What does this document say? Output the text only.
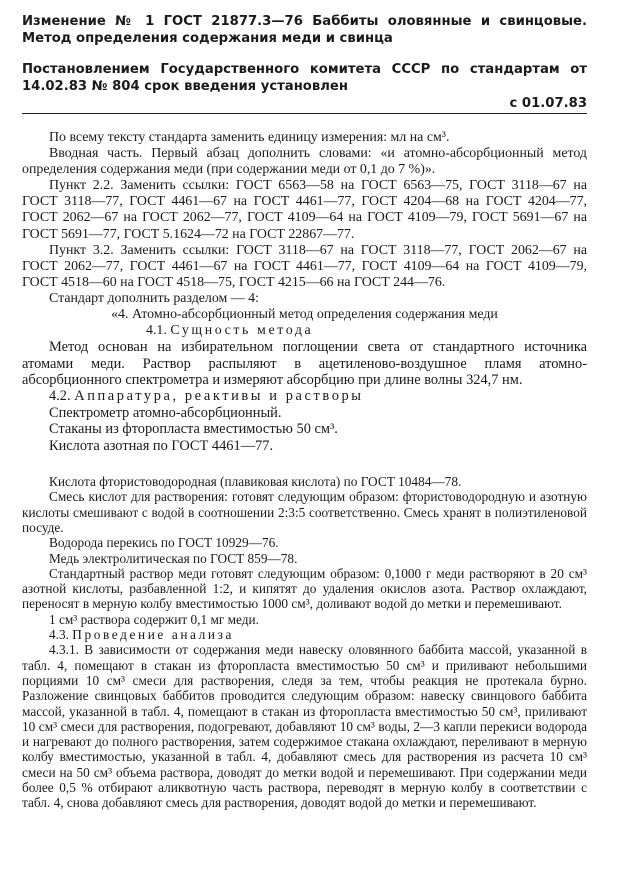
Изменение № 1 ГОСТ 21877.3—76 Баббиты оловянные и свинцовые. Метод определения содержания меди и свинца

Постановлением Государственного комитета СССР по стандартам от 14.02.83 № 804 срок введения установлен

с 01.07.83

По всему тексту стандарта заменить единицу измерения: мл на см³.

Вводная часть. Первый абзац дополнить словами: «и атомно-абсорбционный метод определения содержания меди (при содержании меди от 0,1 до 7 %)».

Пункт 2.2. Заменить ссылки: ГОСТ 6563—58 на ГОСТ 6563—75, ГОСТ 3118—67 на ГОСТ 3118—77, ГОСТ 4461—67 на ГОСТ 4461—77, ГОСТ 4204—68 на ГОСТ 4204—77, ГОСТ 2062—67 на ГОСТ 2062—77, ГОСТ 4109—64 на ГОСТ 4109—79, ГОСТ 5691—67 на ГОСТ 5691—77, ГОСТ 5.1624—72 на ГОСТ 22867—77.

Пункт 3.2. Заменить ссылки: ГОСТ 3118—67 на ГОСТ 3118—77, ГОСТ 2062—67 на ГОСТ 2062—77, ГОСТ 4461—67 на ГОСТ 4461—77, ГОСТ 4109—64 на ГОСТ 4109—79, ГОСТ 4518—60 на ГОСТ 4518—75, ГОСТ 4215—66 на ГОСТ 244—76.

Стандарт дополнить разделом — 4:

«4. Атомно-абсорбционный метод определения содержания меди

4.1. Сущность метода

Метод основан на избирательном поглощении света от стандартного источника атомами меди. Раствор распыляют в ацетиленово-воздушное пламя атомно-абсорбционного спектрометра и измеряют абсорбцию при длине волны 324,7 нм.

4.2. Аппаратура, реактивы и растворы

Спектрометр атомно-абсорбционный.

Стаканы из фторопласта вместимостью 50 см³.

Кислота азотная по ГОСТ 4461—77.

Кислота фтористоводородная (плавиковая кислота) по ГОСТ 10484—78.

Смесь кислот для растворения: готовят следующим образом: фтористоводородную и азотную кислоты смешивают с водой в соотношении 2:3:5 соответственно. Смесь хранят в полиэтиленовой посуде.

Водорода перекись по ГОСТ 10929—76.

Медь электролитическая по ГОСТ 859—78.

Стандартный раствор меди готовят следующим образом: 0,1000 г меди растворяют в 20 см³ азотной кислоты, разбавленной 1:2, и кипятят до удаления окислов азота. Раствор охлаждают, переносят в мерную колбу вместимостью 1000 см³, доливают водой до метки и перемешивают.

1 см³ раствора содержит 0,1 мг меди.

4.3. Проведение анализа

4.3.1. В зависимости от содержания меди навеску оловянного баббита массой, указанной в табл. 4, помещают в стакан из фторопласта вместимостью 50 см³ и приливают небольшими порциями 10 см³ смеси для растворения, следя за тем, чтобы реакция не протекала бурно. Разложение свинцовых баббитов проводится следующим образом: навеску свинцового баббита массой, указанной в табл. 4, помещают в стакан из фторопласта вместимостью 50 см³, приливают 10 см³ смеси для растворения, подогревают, добавляют 10 см³ воды, 2—3 капли перекиси водорода и нагревают до полного растворения, затем содержимое стакана охлаждают, переливают в мерную колбу вместимостью, указанной в табл. 4, добавляют смесь для растворения из расчета 10 см³ смеси на 50 см³ объема раствора, доводят до метки водой и перемешивают. При содержании меди более 0,5 % отбирают аликвотную часть раствора, переводят в мерную колбу в соответствии с табл. 4, снова добавляют смесь для растворения, доводят водой до метки и перемешивают.
